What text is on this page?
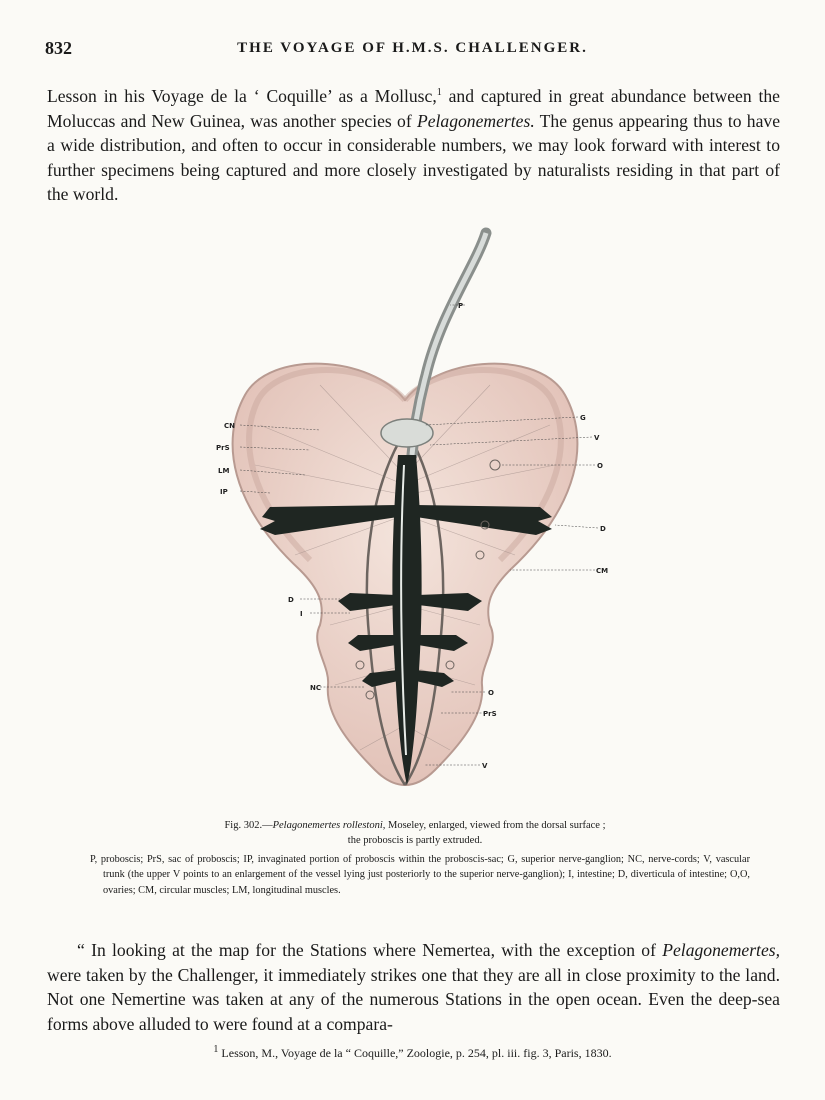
832	THE VOYAGE OF H.M.S. CHALLENGER.
Lesson in his Voyage de la ‘ Coquille’ as a Mollusc,$^1$ and captured in great abundance between the Moluccas and New Guinea, was another species of Pelagonemertes. The genus appearing thus to have a wide distribution, and often to occur in considerable numbers, we may look forward with interest to further specimens being captured and more closely investigated by naturalists residing in that part of the world.
CN
PrS
LM
IP
D
I
NC
P
G
V
O
D
CM
O
PrS
V
Fig. 302.—Pelagonemertes rollestoni, Moseley, enlarged, viewed from the dorsal surface ;
the proboscis is partly extruded.
P, proboscis; PrS, sac of proboscis; IP, invaginated portion of proboscis within the proboscis-sac; G, superior nerve-ganglion; NC, nerve-cords; V, vascular trunk (the upper V points to an enlargement of the vessel lying just posteriorly to the superior nerve-ganglion); I, intestine; D, diverticula of intestine; O,O, ovaries; CM, circular muscles; LM, longitudinal muscles.
“ In looking at the map for the Stations where Nemertea, with the exception of Pelagonemertes, were taken by the Challenger, it immediately strikes one that they are all in close proximity to the land. Not one Nemertine was taken at any of the numerous Stations in the open ocean. Even the deep-sea forms above alluded to were found at a compara-
$^1$ Lesson, M., Voyage de la “ Coquille,” Zoologie, p. 254, pl. iii. fig. 3, Paris, 1830.
